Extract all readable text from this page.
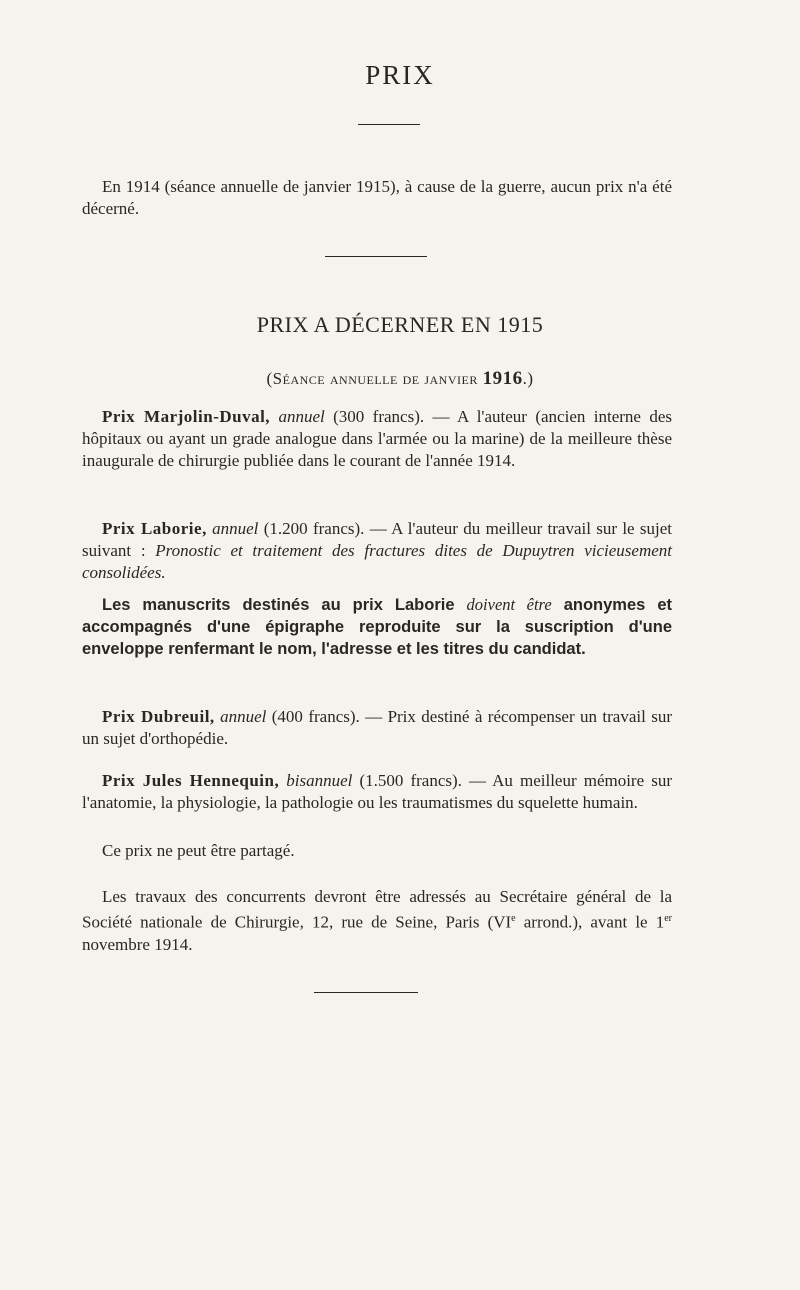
PRIX
En 1914 (séance annuelle de janvier 1915), à cause de la guerre, aucun prix n'a été décerné.
PRIX A DÉCERNER EN 1915
(Séance annuelle de janvier 1916.)
Prix Marjolin-Duval, annuel (300 francs). — A l'auteur (ancien interne des hôpitaux ou ayant un grade analogue dans l'armée ou la marine) de la meilleure thèse inaugurale de chirurgie publiée dans le courant de l'année 1914.
Prix Laborie, annuel (1.200 francs). — A l'auteur du meilleur travail sur le sujet suivant : Pronostic et traitement des fractures dites de Dupuytren vicieusement consolidées.
Les manuscrits destinés au prix Laborie doivent être anonymes et accompagnés d'une épigraphe reproduite sur la suscription d'une enveloppe renfermant le nom, l'adresse et les titres du candidat.
Prix Dubreuil, annuel (400 francs). — Prix destiné à récompenser un travail sur un sujet d'orthopédie.
Prix Jules Hennequin, bisannuel (1.500 francs). — Au meilleur mémoire sur l'anatomie, la physiologie, la pathologie ou les traumatismes du squelette humain.
Ce prix ne peut être partagé.
Les travaux des concurrents devront être adressés au Secrétaire général de la Société nationale de Chirurgie, 12, rue de Seine, Paris (VIe arrond.), avant le 1er novembre 1914.
